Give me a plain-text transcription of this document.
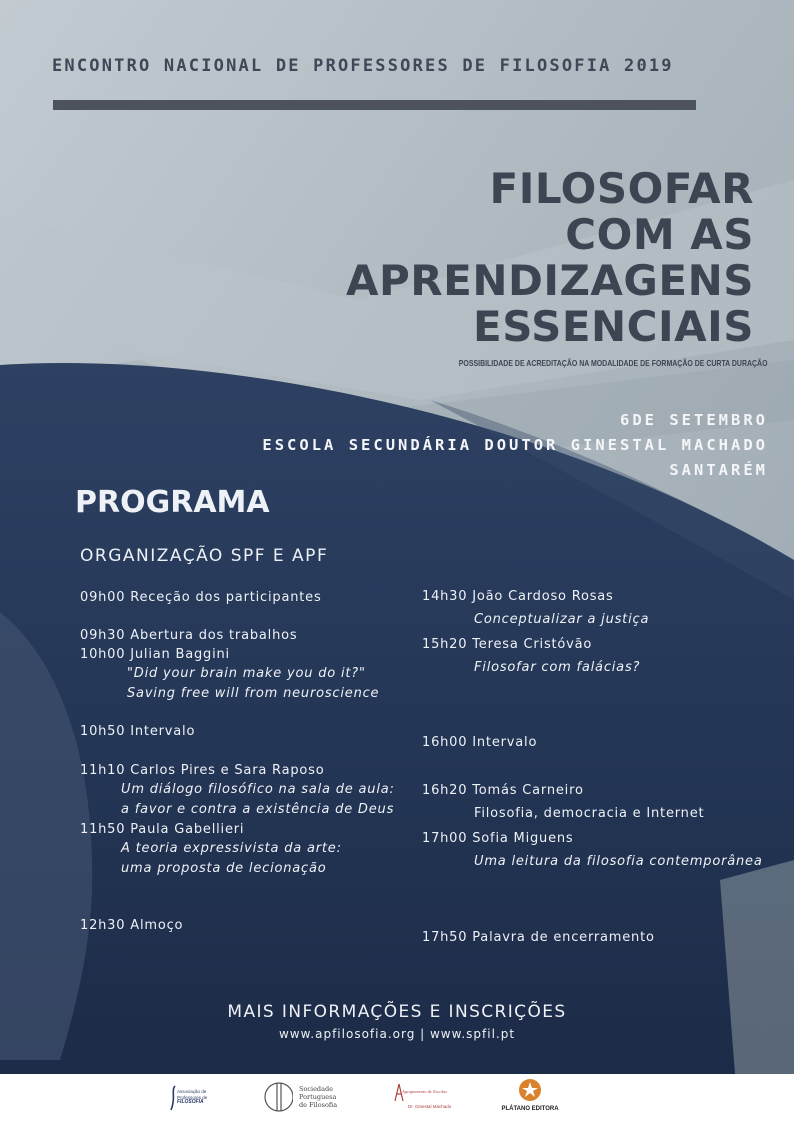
ENCONTRO NACIONAL DE PROFESSORES DE FILOSOFIA 2019
FILOSOFAR
COM AS
APRENDIZAGENS
ESSENCIAIS
POSSIBILIDADE DE ACREDITAÇÃO NA MODALIDADE DE FORMAÇÃO DE CURTA DURAÇÃO
6DE SETEMBRO
ESCOLA SECUNDÁRIA DOUTOR GINESTAL MACHADO
SANTARÉM
PROGRAMA
ORGANIZAÇÃO SPF E APF
09h00 Receção dos participantes
09h30 Abertura dos trabalhos
10h00 Julian Baggini
"Did your brain make you do it?"
Saving free will from neuroscience
10h50 Intervalo
11h10 Carlos Pires e Sara Raposo
Um diálogo filosófico na sala de aula:
a favor e contra a existência de Deus
11h50 Paula Gabellieri
A teoria expressivista da arte:
uma proposta de lecionação
12h30 Almoço
14h30 João Cardoso Rosas
Conceptualizar a justiça
15h20 Teresa Cristóvão
Filosofar com falácias?
16h00 Intervalo
16h20 Tomás Carneiro
Filosofia, democracia e Internet
17h00 Sofia Miguens
Uma leitura da filosofia contemporânea
17h50 Palavra de encerramento
MAIS INFORMAÇÕES E INSCRIÇÕES
www.apfilosofia.org | www.spfil.pt
Associação de
Professores de
FILOSOFIA
Sociedade
Portuguesa
de Filosofia
Agrupamento de Escolas
Dr. Ginestal Machado	PLÁTANO EDITORA
